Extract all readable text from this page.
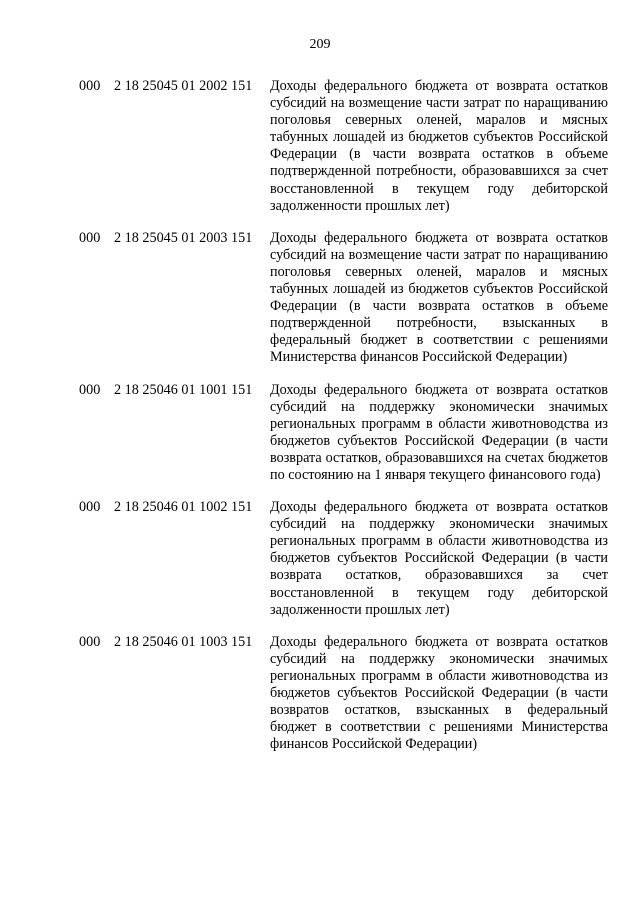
209
000 2 18 25045 01 2002 151	Доходы федерального бюджета от возврата остатков субсидий на возмещение части затрат по наращиванию поголовья северных оленей, маралов и мясных табунных лошадей из бюджетов субъектов Российской Федерации (в части возврата остатков в объеме подтвержденной потребности, образовавшихся за счет восстановленной в текущем году дебиторской задолженности прошлых лет)
000 2 18 25045 01 2003 151	Доходы федерального бюджета от возврата остатков субсидий на возмещение части затрат по наращиванию поголовья северных оленей, маралов и мясных табунных лошадей из бюджетов субъектов Российской Федерации (в части возврата остатков в объеме подтвержденной потребности, взысканных в федеральный бюджет в соответствии с решениями Министерства финансов Российской Федерации)
000 2 18 25046 01 1001 151	Доходы федерального бюджета от возврата остатков субсидий на поддержку экономически значимых региональных программ в области животноводства из бюджетов субъектов Российской Федерации (в части возврата остатков, образовавшихся на счетах бюджетов по состоянию на 1 января текущего финансового года)
000 2 18 25046 01 1002 151	Доходы федерального бюджета от возврата остатков субсидий на поддержку экономически значимых региональных программ в области животноводства из бюджетов субъектов Российской Федерации (в части возврата остатков, образовавшихся за счет восстановленной в текущем году дебиторской задолженности прошлых лет)
000 2 18 25046 01 1003 151	Доходы федерального бюджета от возврата остатков субсидий на поддержку экономически значимых региональных программ в области животноводства из бюджетов субъектов Российской Федерации (в части возвратов остатков, взысканных в федеральный бюджет в соответствии с решениями Министерства финансов Российской Федерации)
